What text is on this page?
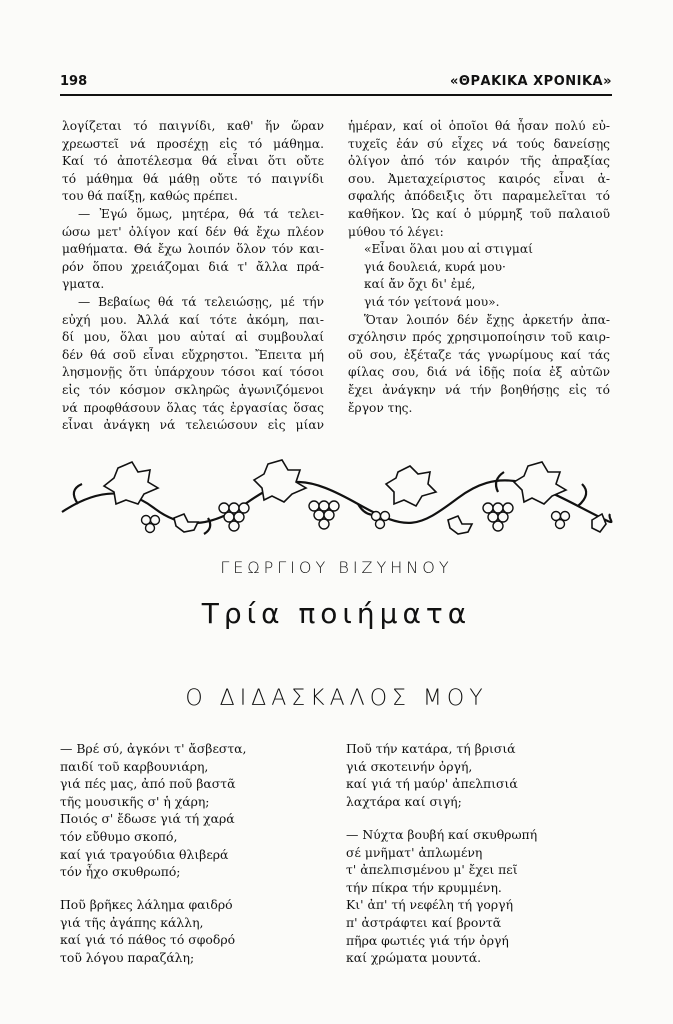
198	«ΘΡΑΚΙΚΑ ΧΡΟΝΙΚΑ»
λογίζεται τό παιγνίδι, καθ' ἥν ὥραν
χρεωστεῖ νά προσέχῃ εἰς τό μάθημα.
Καί τό ἀποτέλεσμα θά εἶναι ὅτι οὔτε
τό μάθημα θά μάθῃ οὔτε τό παιγνίδι
του θά παίξῃ, καθώς πρέπει.
— Ἐγώ ὅμως, μητέρα, θά τά τελει-
ώσω μετ' ὀλίγον καί δέν θά ἔχω πλέον
μαθήματα. Θά ἔχω λοιπόν ὅλον τόν και-
ρόν ὅπου χρειάζομαι διά τ' ἄλλα πρά-
γματα.
— Βεβαίως θά τά τελειώσῃς, μέ τήν
εὐχή μου. Ἀλλά καί τότε ἀκόμη, παι-
δί μου, ὅλαι μου αὐταί αἱ συμβουλαί
δέν θά σοῦ εἶναι εὔχρηστοι. Ἔπειτα μή
λησμονῇς ὅτι ὑπάρχουν τόσοι καί τόσοι
εἰς τόν κόσμον σκληρῶς ἀγωνιζόμενοι
νά προφθάσουν ὅλας τάς ἐργασίας ὅσας
εἶναι ἀνάγκη νά τελειώσουν εἰς μίαν
ἡμέραν, καί οἱ ὁποῖοι θά ἦσαν πολύ εὐ-
τυχεῖς ἐάν σύ εἶχες νά τούς δανείσῃς
ὀλίγον ἀπό τόν καιρόν τῆς ἀπραξίας
σου. Ἀμεταχείριστος καιρός εἶναι ἀ-
σφαλής ἀπόδειξις ὅτι παραμελεῖται τό
καθῆκον. Ὡς καί ὁ μύρμηξ τοῦ παλαιοῦ
μύθου τό λέγει:
«Εἶναι ὅλαι μου αἱ στιγμαί
γιά δουλειά, κυρά μου·
καί ἄν ὄχι δι' ἐμέ,
γιά τόν γείτονά μου».
Ὅταν λοιπόν δέν ἔχῃς ἀρκετήν ἀπα-
σχόλησιν πρός χρησιμοποίησιν τοῦ καιρ-
οῦ σου, ἐξέταζε τάς γνωρίμους καί τάς
φίλας σου, διά νά ἰδῇς ποία ἐξ αὐτῶν
ἔχει ἀνάγκην νά τήν βοηθήσῃς εἰς τό
ἔργον της.
ΓΕΩΡΓΙΟΥ ΒΙΖΥΗΝΟΥ
Τρία ποιήματα
Ο ΔΙΔΑΣΚΑΛΟΣ ΜΟΥ
— Βρέ σύ, ἀγκόνι τ' ἄσβεστα,
παιδί τοῦ καρβουνιάρη,
γιά πές μας, ἀπό ποῦ βαστᾶ
τῆς μουσικῆς σ' ἡ χάρη;
Ποιός σ' ἔδωσε γιά τή χαρά
τόν εὔθυμο σκοπό,
καί γιά τραγούδια θλιβερά
τόν ἦχο σκυθρωπό;
Ποῦ βρῆκες λάλημα φαιδρό
γιά τῆς ἀγάπης κάλλη,
καί γιά τό πάθος τό σφοδρό
τοῦ λόγου παραζάλη;
Ποῦ τήν κατάρα, τή βρισιά
γιά σκοτεινήν ὀργή,
καί γιά τή μαύρ' ἀπελπισιά
λαχτάρα καί σιγή;
— Νύχτα βουβή καί σκυθρωπή
σέ μνῆματ' ἀπλωμένη
τ' ἀπελπισμένου μ' ἔχει πεῖ
τήν πίκρα τήν κρυμμένη.
Κι' ἀπ' τή νεφέλη τή γοργή
π' ἀστράφτει καί βροντᾶ
πῆρα φωτιές γιά τήν ὀργή
καί χρώματα μουντά.
